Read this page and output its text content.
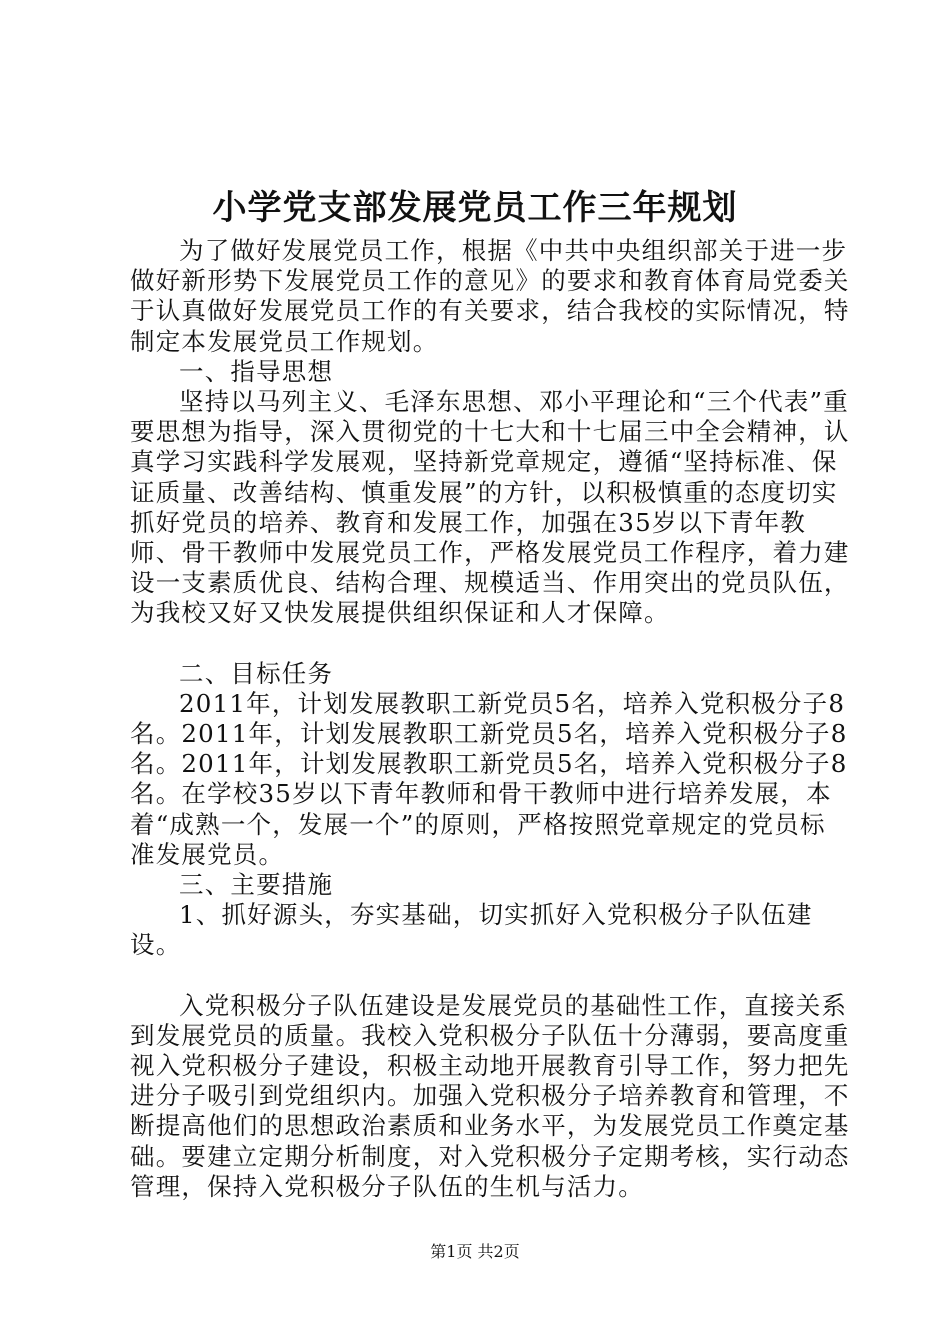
小学党支部发展党员工作三年规划

为了做好发展党员工作，根据《中共中央组织部关于进一步做好新形势下发展党员工作的意见》的要求和教育体育局党委关于认真做好发展党员工作的有关要求，结合我校的实际情况，特制定本发展党员工作规划。

一、指导思想

坚持以马列主义、毛泽东思想、邓小平理论和“三个代表”重要思想为指导，深入贯彻党的十七大和十七届三中全会精神，认真学习实践科学发展观，坚持新党章规定，遵循“坚持标准、保证质量、改善结构、慎重发展”的方针，以积极慎重的态度切实抓好党员的培养、教育和发展工作，加强在35岁以下青年教师、骨干教师中发展党员工作，严格发展党员工作程序，着力建设一支素质优良、结构合理、规模适当、作用突出的党员队伍，为我校又好又快发展提供组织保证和人才保障。

二、目标任务

2011年，计划发展教职工新党员5名，培养入党积极分子8名。2011年，计划发展教职工新党员5名，培养入党积极分子8名。2011年，计划发展教职工新党员5名，培养入党积极分子8名。在学校35岁以下青年教师和骨干教师中进行培养发展，本着“成熟一个，发展一个”的原则，严格按照党章规定的党员标准发展党员。

三、主要措施

1、抓好源头，夯实基础，切实抓好入党积极分子队伍建设。

入党积极分子队伍建设是发展党员的基础性工作，直接关系到发展党员的质量。我校入党积极分子队伍十分薄弱，要高度重视入党积极分子建设，积极主动地开展教育引导工作，努力把先进分子吸引到党组织内。加强入党积极分子培养教育和管理，不断提高他们的思想政治素质和业务水平，为发展党员工作奠定基础。要建立定期分析制度，对入党积极分子定期考核，实行动态管理，保持入党积极分子队伍的生机与活力。

第1页 共2页
